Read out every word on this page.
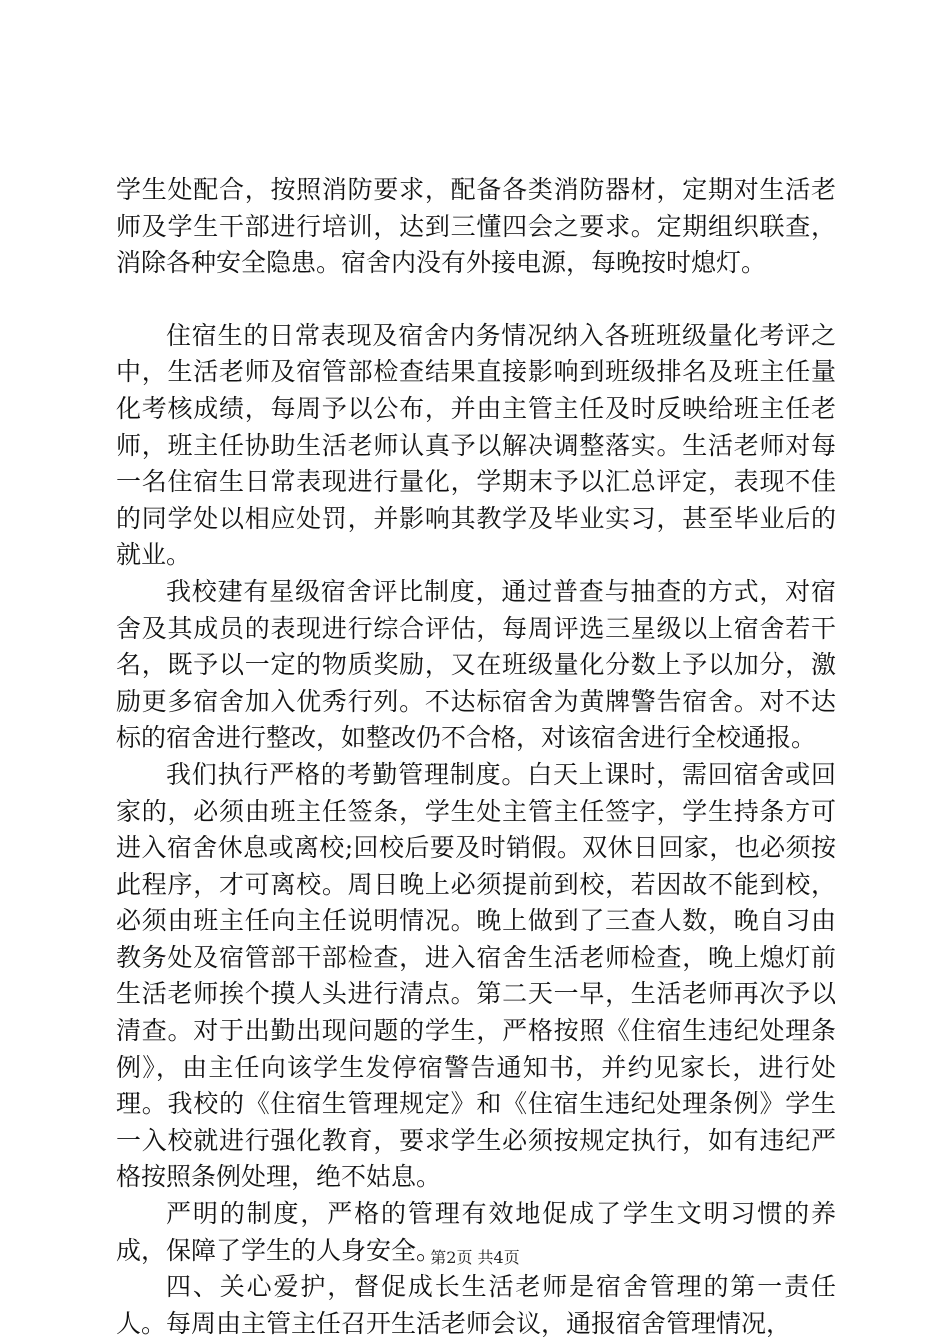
学生处配合，按照消防要求，配备各类消防器材，定期对生活老师及学生干部进行培训，达到三懂四会之要求。定期组织联查，消除各种安全隐患。宿舍内没有外接电源，每晚按时熄灯。

住宿生的日常表现及宿舍内务情况纳入各班班级量化考评之中，生活老师及宿管部检查结果直接影响到班级排名及班主任量化考核成绩，每周予以公布，并由主管主任及时反映给班主任老师，班主任协助生活老师认真予以解决调整落实。生活老师对每一名住宿生日常表现进行量化，学期末予以汇总评定，表现不佳的同学处以相应处罚，并影响其教学及毕业实习，甚至毕业后的就业。

我校建有星级宿舍评比制度，通过普查与抽查的方式，对宿舍及其成员的表现进行综合评估，每周评选三星级以上宿舍若干名，既予以一定的物质奖励，又在班级量化分数上予以加分，激励更多宿舍加入优秀行列。不达标宿舍为黄牌警告宿舍。对不达标的宿舍进行整改，如整改仍不合格，对该宿舍进行全校通报。

我们执行严格的考勤管理制度。白天上课时，需回宿舍或回家的，必须由班主任签条，学生处主管主任签字，学生持条方可进入宿舍休息或离校;回校后要及时销假。双休日回家，也必须按此程序，才可离校。周日晚上必须提前到校，若因故不能到校，必须由班主任向主任说明情况。晚上做到了三查人数，晚自习由教务处及宿管部干部检查，进入宿舍生活老师检查，晚上熄灯前生活老师挨个摸人头进行清点。第二天一早，生活老师再次予以清查。对于出勤出现问题的学生，严格按照《住宿生违纪处理条例》，由主任向该学生发停宿警告通知书，并约见家长，进行处理。我校的《住宿生管理规定》和《住宿生违纪处理条例》学生一入校就进行强化教育，要求学生必须按规定执行，如有违纪严格按照条例处理，绝不姑息。

严明的制度，严格的管理有效地促成了学生文明习惯的养成，保障了学生的人身安全。

四、关心爱护，督促成长生活老师是宿舍管理的第一责任人。每周由主管主任召开生活老师会议，通报宿舍管理情况，

第2页 共4页
